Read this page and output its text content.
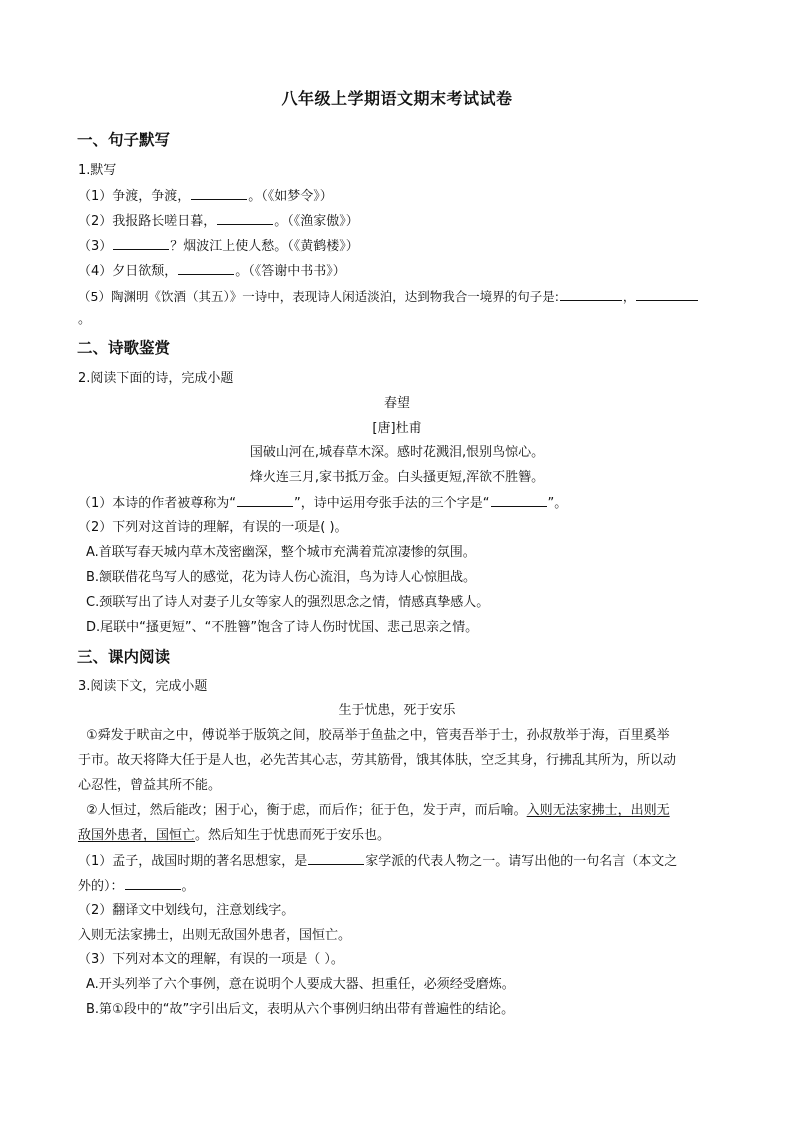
八年级上学期语文期末考试试卷
一、句子默写
1.默写
（1）争渡，争渡，	。（《如梦令》）
（2）我报路长嗟日暮，	。（《渔家傲》）
（3）	？烟波江上使人愁。（《黄鹤楼》）
（4）夕日欲颓，	。（《答谢中书书》）
（5）陶渊明《饮酒（其五）》一诗中，表现诗人闲适淡泊，达到物我合一境界的句子是:	，
。
二、诗歌鉴赏
2.阅读下面的诗，完成小题
春望
[唐]杜甫
国破山河在,城春草木深。感时花溅泪,恨别鸟惊心。
烽火连三月,家书抵万金。白头搔更短,浑欲不胜簪。
（1）本诗的作者被尊称为“	”，诗中运用夸张手法的三个字是“	”。
（2）下列对这首诗的理解，有误的一项是( )。
A.首联写春天城内草木茂密幽深，整个城市充满着荒凉凄惨的氛围。
B.颔联借花鸟写人的感觉，花为诗人伤心流泪，鸟为诗人心惊胆战。
C.颈联写出了诗人对妻子儿女等家人的强烈思念之情，情感真挚感人。
D.尾联中“搔更短”、“不胜簪”饱含了诗人伤时忧国、悲己思亲之情。
三、课内阅读
3.阅读下文，完成小题
生于忧患，死于安乐
①舜发于畎亩之中，傅说举于版筑之间，胶鬲举于鱼盐之中，管夷吾举于士，孙叔敖举于海，百里奚举
于市。故天将降大任于是人也，必先苦其心志，劳其筋骨，饿其体肤，空乏其身，行拂乱其所为，所以动
心忍性，曾益其所不能。
②人恒过，然后能改；困于心，衡于虑，而后作；征于色，发于声，而后喻。入则无法家拂士，出则无
敌国外患者，国恒亡。然后知生于忧患而死于安乐也。
（1）孟子，战国时期的著名思想家，是	家学派的代表人物之一。请写出他的一句名言（本文之
外的）：	。
（2）翻译文中划线句，注意划线字。
入则无法家拂士，出则无敌国外患者，国恒亡。
（3）下列对本文的理解，有误的一项是（ ）。
A.开头列举了六个事例，意在说明个人要成大器、担重任，必须经受磨炼。
B.第①段中的“故”字引出后文，表明从六个事例归纳出带有普遍性的结论。
